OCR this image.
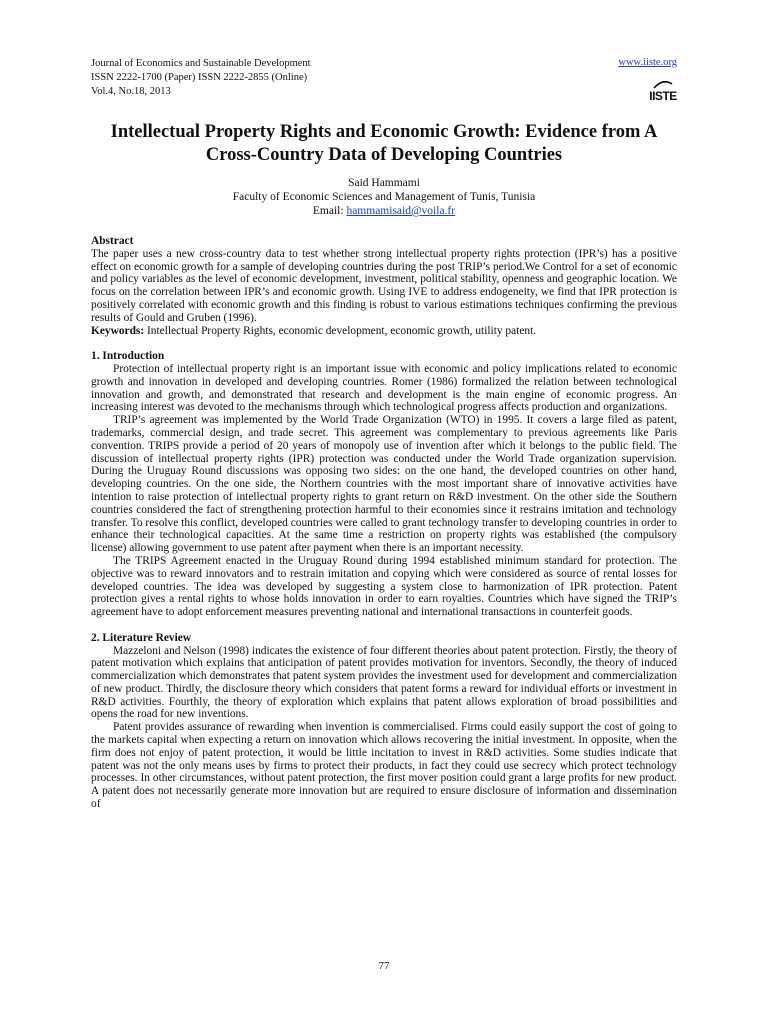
Journal of Economics and Sustainable Development
ISSN 2222-1700 (Paper) ISSN 2222-2855 (Online)
Vol.4, No.18, 2013
www.iiste.org
IISTE
Intellectual Property Rights and Economic Growth: Evidence from A Cross-Country Data of Developing Countries
Said Hammami
Faculty of Economic Sciences and Management of Tunis, Tunisia
Email: hammamisaid@voila.fr

Abstract

The paper uses a new cross-country data to test whether strong intellectual property rights protection (IPR’s) has a positive effect on economic growth for a sample of developing countries during the post TRIP’s period.We Control for a set of economic and policy variables as the level of economic development, investment, political stability, openness and geographic location. We focus on the correlation between IPR’s and economic growth. Using IVE to address endogeneity, we find that IPR protection is positively correlated with economic growth and this finding is robust to various estimations techniques confirming the previous results of Gould and Gruben (1996).

Keywords: Intellectual Property Rights, economic development, economic growth, utility patent.

1. Introduction

Protection of intellectual property right is an important issue with economic and policy implications related to economic growth and innovation in developed and developing countries. Romer (1986) formalized the relation between technological innovation and growth, and demonstrated that research and development is the main engine of economic progress. An increasing interest was devoted to the mechanisms through which technological progress affects production and organizations.

TRIP’s agreement was implemented by the World Trade Organization (WTO) in 1995. It covers a large filed as patent, trademarks, commercial design, and trade secret. This agreement was complementary to previous agreements like Paris convention. TRIPS provide a period of 20 years of monopoly use of invention after which it belongs to the public field. The discussion of intellectual property rights (IPR) protection was conducted under the World Trade organization supervision. During the Uruguay Round discussions was opposing two sides: on the one hand, the developed countries on other hand, developing countries. On the one side, the Northern countries with the most important share of innovative activities have intention to raise protection of intellectual property rights to grant return on R&D investment. On the other side the Southern countries considered the fact of strengthening protection harmful to their economies since it restrains imitation and technology transfer. To resolve this conflict, developed countries were called to grant technology transfer to developing countries in order to enhance their technological capacities. At the same time a restriction on property rights was established (the compulsory license) allowing government to use patent after payment when there is an important necessity.

The TRIPS Agreement enacted in the Uruguay Round during 1994 established minimum standard for protection. The objective was to reward innovators and to restrain imitation and copying which were considered as source of rental losses for developed countries. The idea was developed by suggesting a system close to harmonization of IPR protection. Patent protection gives a rental rights to whose holds innovation in order to earn royalties. Countries which have signed the TRIP’s agreement have to adopt enforcement measures preventing national and international transactions in counterfeit goods.

2. Literature Review

Mazzeloni and Nelson (1998) indicates the existence of four different theories about patent protection. Firstly, the theory of patent motivation which explains that anticipation of patent provides motivation for inventors. Secondly, the theory of induced commercialization which demonstrates that patent system provides the investment used for development and commercialization of new product. Thirdly, the disclosure theory which considers that patent forms a reward for individual efforts or investment in R&D activities. Fourthly, the theory of exploration which explains that patent allows exploration of broad possibilities and opens the road for new inventions.

Patent provides assurance of rewarding when invention is commercialised. Firms could easily support the cost of going to the markets capital when expecting a return on innovation which allows recovering the initial investment. In opposite, when the firm does not enjoy of patent protection, it would be little incitation to invest in R&D activities. Some studies indicate that patent was not the only means uses by firms to protect their products, in fact they could use secrecy which protect technology processes. In other circumstances, without patent protection, the first mover position could grant a large profits for new product. A patent does not necessarily generate more innovation but are required to ensure disclosure of information and dissemination of

77
